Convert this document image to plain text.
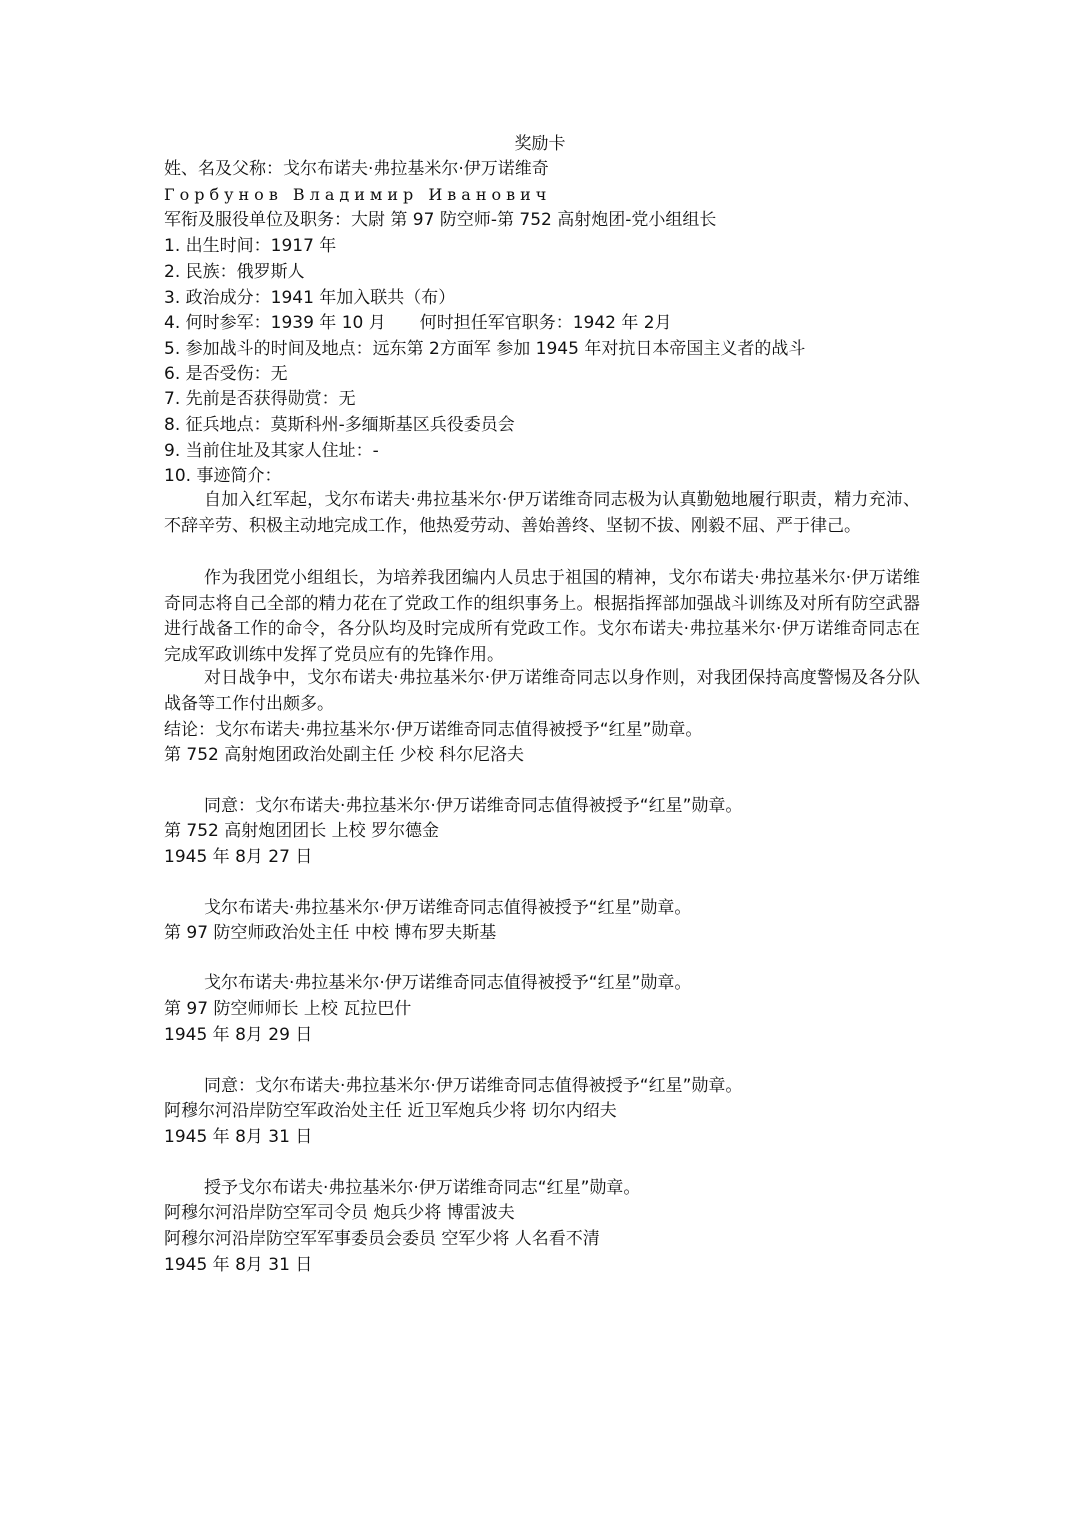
奖励卡
姓、名及父称：戈尔布诺夫·弗拉基米尔·伊万诺维奇
Горбунов Владимир Иванович
军衔及服役单位及职务：大尉 第 97 防空师-第 752 高射炮团-党小组组长
1. 出生时间：1917 年
2. 民族：俄罗斯人
3. 政治成分：1941 年加入联共（布）
4. 何时参军：1939 年 10 月　　何时担任军官职务：1942 年 2月
5. 参加战斗的时间及地点：远东第 2方面军 参加 1945 年对抗日本帝国主义者的战斗
6. 是否受伤：无
7. 先前是否获得勋赏：无
8. 征兵地点：莫斯科州-多缅斯基区兵役委员会
9. 当前住址及其家人住址：-
10. 事迹简介：
自加入红军起，戈尔布诺夫·弗拉基米尔·伊万诺维奇同志极为认真勤勉地履行职责，精力充沛、不辞辛劳、积极主动地完成工作，他热爱劳动、善始善终、坚韧不拔、刚毅不屈、严于律己。
作为我团党小组组长，为培养我团编内人员忠于祖国的精神，戈尔布诺夫·弗拉基米尔·伊万诺维奇同志将自己全部的精力花在了党政工作的组织事务上。根据指挥部加强战斗训练及对所有防空武器进行战备工作的命令，各分队均及时完成所有党政工作。戈尔布诺夫·弗拉基米尔·伊万诺维奇同志在完成军政训练中发挥了党员应有的先锋作用。
对日战争中，戈尔布诺夫·弗拉基米尔·伊万诺维奇同志以身作则，对我团保持高度警惕及各分队战备等工作付出颇多。
结论：戈尔布诺夫·弗拉基米尔·伊万诺维奇同志值得被授予“红星”勋章。
第 752 高射炮团政治处副主任 少校 科尔尼洛夫
同意：戈尔布诺夫·弗拉基米尔·伊万诺维奇同志值得被授予“红星”勋章。
第 752 高射炮团团长 上校 罗尔德金
1945 年 8月 27 日
戈尔布诺夫·弗拉基米尔·伊万诺维奇同志值得被授予“红星”勋章。
第 97 防空师政治处主任 中校 博布罗夫斯基
戈尔布诺夫·弗拉基米尔·伊万诺维奇同志值得被授予“红星”勋章。
第 97 防空师师长 上校 瓦拉巴什
1945 年 8月 29 日
同意：戈尔布诺夫·弗拉基米尔·伊万诺维奇同志值得被授予“红星”勋章。
阿穆尔河沿岸防空军政治处主任 近卫军炮兵少将 切尔内绍夫
1945 年 8月 31 日
授予戈尔布诺夫·弗拉基米尔·伊万诺维奇同志“红星”勋章。
阿穆尔河沿岸防空军司令员 炮兵少将 博雷波夫
阿穆尔河沿岸防空军军事委员会委员 空军少将 人名看不清
1945 年 8月 31 日
